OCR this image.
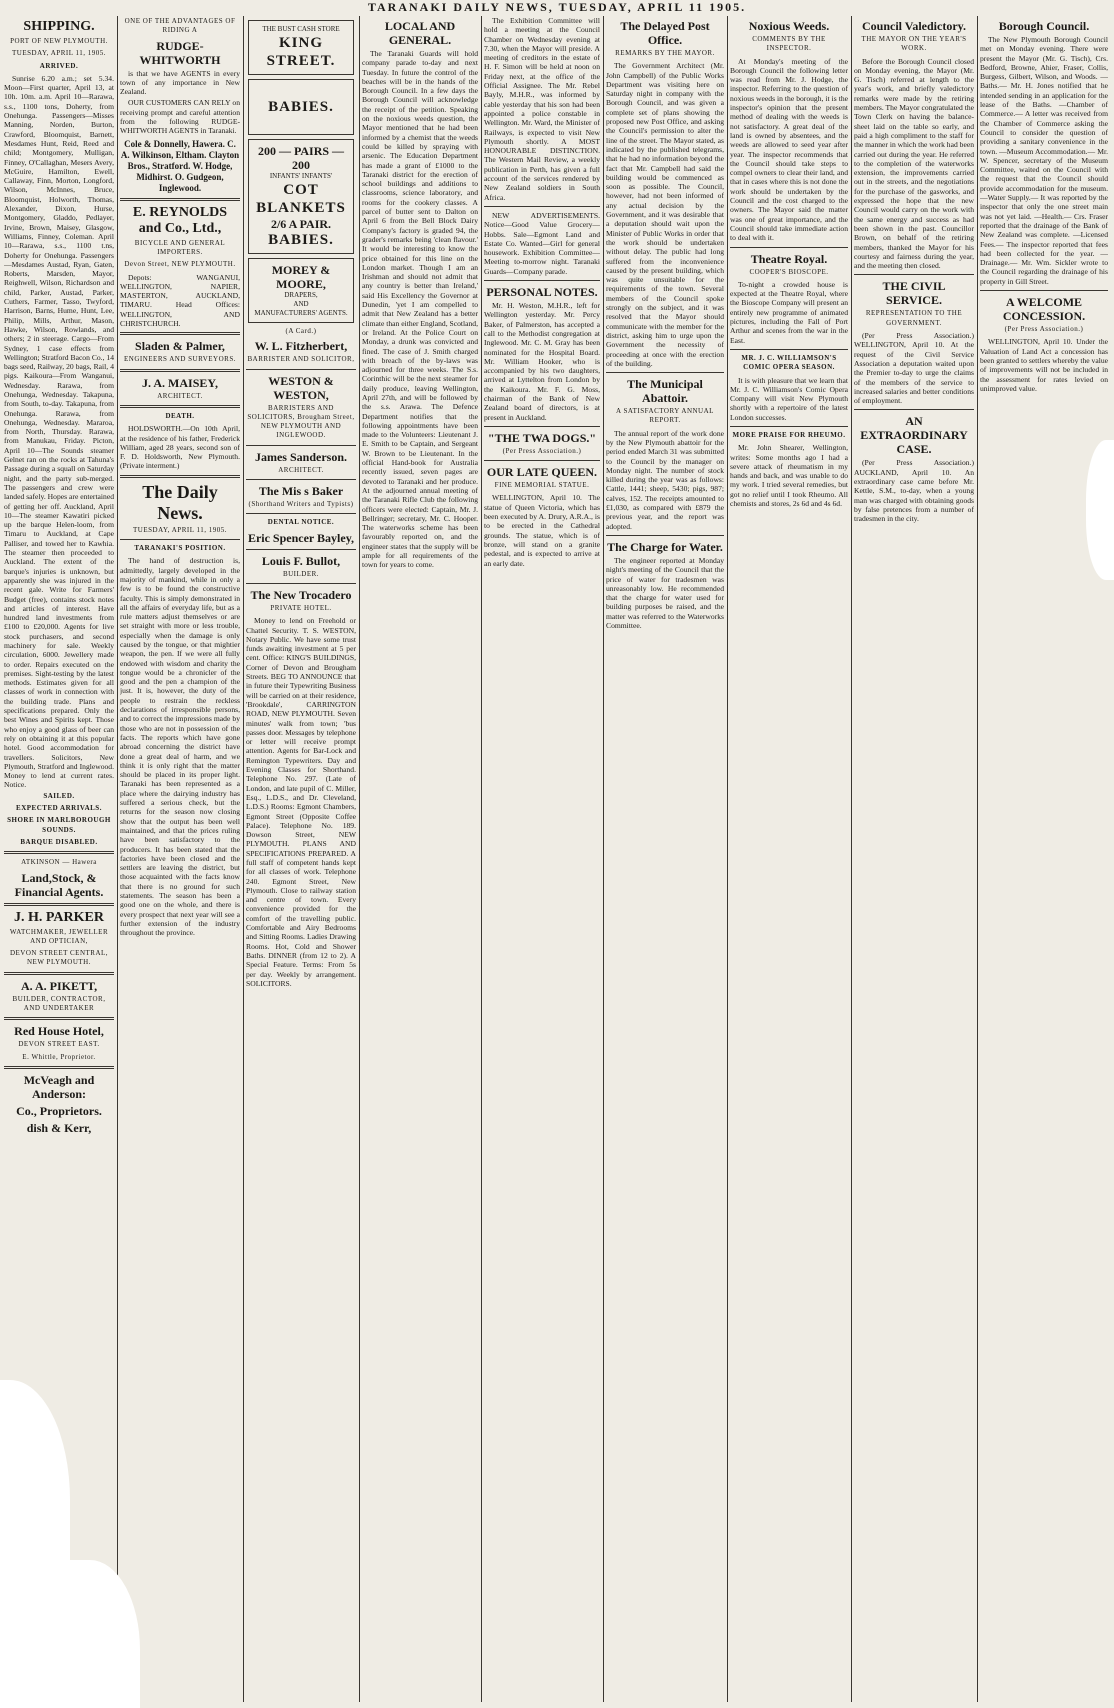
TARANAKI DAILY NEWS, TUESDAY, APRIL 11 1905.
SHIPPING.
PORT OF NEW PLYMOUTH.
TUESDAY, APRIL 11, 1905.
ARRIVED.
Sunrise 6.20 a.m.; set 5.34. Moon—First quarter, April 13, at 10h. 10m. a.m. April 10—Rarawa, s.s., 1100 tons, Doherty, from Onehunga. Passengers—Misses Manning, Norden, Burton, Crawford, Bloomquist, Barnett, Mesdames Hunt, Reid, Reed and child; Montgomery, Mulligan, Finney, O'Callaghan, Mesers Avery, McGuire, Hamilton, Ewell, Callaway, Finn, Morton, Longford, Wilson, McInnes, Bruce, Bloomquist, Holworth, Thomas, Alexander, Dixon, Hurse, Montgomery, Gladdo, Pedlayer, Irvine, Brown, Maisey, Glasgow, Williams, Finney, Coleman. April 10—Rarawa, s.s., 1100 t.ns, Doherty for Onehunga. Passengers—Mesdames Austad, Ryan, Gaten, Roberts, Marsden, Mayor, Reighwell, Wilson, Richardson and child, Parker, Austad, Parker, Cuthers, Farmer, Tasso, Twyford, Harrison, Barns, Hume, Hunt, Lee, Philip, Mills, Arthur, Mason, Hawke, Wilson, Rowlands, and others; 2 in steerage. Cargo—From Sydney, 1 case effects from Wellington; Stratford Bacon Co., 14 bags seed, Railway, 20 bags, Rail, 4 pigs. Kaikoura—From Wanganui, Wednesday. Rarawa, from Onehunga, Wednesday. Takapuna, from South, to-day. Takapuna, from Onehunga. Rarawa, from Onehunga, Wednesday. Mararoa, from North, Thursday. Rarawa, from Manukau, Friday. Picton, April 10—The Sounds steamer Gelnet ran on the rocks at Tahuna's Passage during a squall on Saturday night, and the party sub-merged. The passengers and crew were landed safely. Hopes are entertained of getting her off. Auckland, April 10—The steamer Kawatiri picked up the barque Helen-loom, from Timaru to Auckland, at Cape Palliser, and towed her to Kawhia. The steamer then proceeded to Auckland. The extent of the barque's injuries is unknown, but apparently she was injured in the recent gale. Write for Farmers' Budget (free), contains stock notes and articles of interest. Have hundred land investments from £100 to £20,000. Agents for live stock purchasers, and second machinery for sale. Weekly circulation, 6000. Jewellery made to order. Repairs executed on the premises. Sight-testing by the latest methods. Estimates given for all classes of work in connection with the building trade. Plans and specifications prepared. Only the best Wines and Spirits kept. Those who enjoy a good glass of beer can rely on obtaining it at this popular hotel. Good accommodation for travellers. Solicitors, New Plymouth, Stratford and Inglewood. Money to lend at current rates. Notice.
SAILED.
EXPECTED ARRIVALS.
SHORE IN MARLBOROUGH SOUNDS.
BARQUE DISABLED.
ATKINSON — Hawera
Land,Stock, & Financial Agents.
J. H. PARKER
WATCHMAKER, JEWELLER AND OPTICIAN,
DEVON STREET CENTRAL, NEW PLYMOUTH.
A. A. PIKETT,
BUILDER, CONTRACTOR, AND UNDERTAKER
Red House Hotel,
DEVON STREET EAST.
E. Whittle, Proprietor.
McVeagh and Anderson:
Co., Proprietors.
dish & Kerr,
ONE OF THE ADVANTAGES OF RIDING A
RUDGE-WHITWORTH
is that we have AGENTS in every town of any importance in New Zealand.
OUR CUSTOMERS CAN RELY on receiving prompt and careful attention from the following RUDGE-WHITWORTH AGENTS in Taranaki.
Cole & Donnelly, Hawera. C. A. Wilkinson, Eltham. Clayton Bros., Stratford. W. Hodge, Midhirst. O. Gudgeon, Inglewood.
E. REYNOLDS and Co., Ltd.,
BICYCLE AND GENERAL IMPORTERS.
Devon Street, NEW PLYMOUTH.
Depots: WANGANUI, WELLINGTON, NAPIER, MASTERTON, AUCKLAND, TIMARU. Head Offices: WELLINGTON, AND CHRISTCHURCH.
Sladen & Palmer,
ENGINEERS AND SURVEYORS.
J. A. MAISEY,
ARCHITECT.
DEATH.
HOLDSWORTH.—On 10th April, at the residence of his father, Frederick William, aged 28 years, second son of F. D. Holdsworth, New Plymouth. (Private interment.)
The Daily News.
TUESDAY, APRIL 11, 1905.
TARANAKI'S POSITION.
The hand of destruction is, admittedly, largely developed in the majority of mankind, while in only a few is to be found the constructive faculty. This is simply demonstrated in all the affairs of everyday life, but as a rule matters adjust themselves or are set straight with more or less trouble, especially when the damage is only caused by the tongue, or that mightier weapon, the pen. If we were all fully endowed with wisdom and charity the tongue would be a chronicler of the good and the pen a champion of the just. It is, however, the duty of the people to restrain the reckless declarations of irresponsible persons, and to correct the impressions made by those who are not in possession of the facts. The reports which have gone abroad concerning the district have done a great deal of harm, and we think it is only right that the matter should be placed in its proper light. Taranaki has been represented as a place where the dairying industry has suffered a serious check, but the returns for the season now closing show that the output has been well maintained, and that the prices ruling have been satisfactory to the producers. It has been stated that the factories have been closed and the settlers are leaving the district, but those acquainted with the facts know that there is no ground for such statements. The season has been a good one on the whole, and there is every prospect that next year will see a further extension of the industry throughout the province.
THE BUST CASH STORE
KING STREET.
BABIES.
200 — PAIRS — 200
INFANTS' INFANTS'
COT BLANKETS
2/6 A PAIR.
BABIES.
MOREY & MOORE,
DRAPERS,
AND
MANUFACTURERS' AGENTS.
(A Card.)
W. L. Fitzherbert,
BARRISTER AND SOLICITOR,
WESTON & WESTON,
BARRISTERS AND SOLICITORS, Brougham Street, NEW PLYMOUTH AND INGLEWOOD.
James Sanderson.
ARCHITECT.
The Mis s Baker
(Shorthand Writers and Typists)
DENTAL NOTICE.
Eric Spencer Bayley,
Louis F. Bullot,
BUILDER.
The New Trocadero
PRIVATE HOTEL.
Money to lend on Freehold or Chattel Security. T. S. WESTON, Notary Public. We have some trust funds awaiting investment at 5 per cent. Office: KING'S BUILDINGS, Corner of Devon and Brougham Streets. BEG TO ANNOUNCE that in future their Typewriting Business will be carried on at their residence, 'Brookdale', CARRINGTON ROAD, NEW PLYMOUTH. Seven minutes' walk from town; 'bus passes door. Messages by telephone or letter will receive prompt attention. Agents for Bar-Lock and Remington Typewriters. Day and Evening Classes for Shorthand. Telephone No. 297. (Late of London, and late pupil of C. Miller, Esq., L.D.S., and Dr. Cleveland, L.D.S.) Rooms: Egmont Chambers, Egmont Street (Opposite Coffee Palace). Telephone No. 189. Dowson Street, NEW PLYMOUTH. PLANS AND SPECIFICATIONS PREPARED. A full staff of competent hands kept for all classes of work. Telephone 240. Egmont Street, New Plymouth. Close to railway station and centre of town. Every convenience provided for the comfort of the travelling public. Comfortable and Airy Bedrooms and Sitting Rooms. Ladies Drawing Rooms. Hot, Cold and Shower Baths. DINNER (from 12 to 2). A Special Feature. Terms: From 5s per day. Weekly by arrangement. SOLICITORS.
LOCAL AND GENERAL.
The Taranaki Guards will hold company parade to-day and next Tuesday. In future the control of the beaches will be in the hands of the Borough Council. In a few days the Borough Council will acknowledge the receipt of the petition. Speaking on the noxious weeds question, the Mayor mentioned that he had been informed by a chemist that the weeds could be killed by spraying with arsenic. The Education Department has made a grant of £1000 to the Taranaki district for the erection of school buildings and additions to classrooms, science laboratory, and rooms for the cookery classes. A parcel of butter sent to Dalton on April 6 from the Bell Block Dairy Company's factory is graded 94, the grader's remarks being 'clean flavour.' It would be interesting to know the price obtained for this line on the London market. Though I am an Irishman and should not admit that any country is better than Ireland,' said His Excellency the Governor at Dunedin, 'yet I am compelled to admit that New Zealand has a better climate than either England, Scotland, or Ireland. At the Police Court on Monday, a drunk was convicted and fined. The case of J. Smith charged with breach of the by-laws was adjourned for three weeks. The S.s. Corinthic will be the next steamer for daily produce, leaving Wellington, April 27th, and will be followed by the s.s. Arawa. The Defence Department notifies that the following appointments have been made to the Volunteers: Lieutenant J. E. Smith to be Captain, and Sergeant W. Brown to be Lieutenant. In the official Hand-book for Australia recently issued, seven pages are devoted to Taranaki and her produce. At the adjourned annual meeting of the Taranaki Rifle Club the following officers were elected: Captain, Mr. J. Bellringer; secretary, Mr. C. Hooper. The waterworks scheme has been favourably reported on, and the engineer states that the supply will be ample for all requirements of the town for years to come.
The Exhibition Committee will hold a meeting at the Council Chamber on Wednesday evening at 7.30, when the Mayor will preside. A meeting of creditors in the estate of H. F. Simon will be held at noon on Friday next, at the office of the Official Assignee. The Mr. Rebel Bayly, M.H.R., was informed by cable yesterday that his son had been appointed a police constable in Wellington. Mr. Ward, the Minister of Railways, is expected to visit New Plymouth shortly. A MOST HONOURABLE DISTINCTION. The Western Mail Review, a weekly publication in Perth, has given a full account of the services rendered by New Zealand soldiers in South Africa.
NEW ADVERTISEMENTS. Notice—Good Value Grocery—Hobbs. Sale—Egmont Land and Estate Co. Wanted—Girl for general housework. Exhibition Committee—Meeting to-morrow night. Taranaki Guards—Company parade.
PERSONAL NOTES.
Mr. H. Weston, M.H.R., left for Wellington yesterday. Mr. Percy Baker, of Palmerston, has accepted a call to the Methodist congregation at Inglewood. Mr. C. M. Gray has been nominated for the Hospital Board. Mr. William Hooker, who is accompanied by his two daughters, arrived at Lyttelton from London by the Kaikoura. Mr. F. G. Moss, chairman of the Bank of New Zealand board of directors, is at present in Auckland.
"THE TWA DOGS."
(Per Press Association.)
OUR LATE QUEEN.
FINE MEMORIAL STATUE.
WELLINGTON, April 10. The statue of Queen Victoria, which has been executed by A. Drury, A.R.A., is to be erected in the Cathedral grounds. The statue, which is of bronze, will stand on a granite pedestal, and is expected to arrive at an early date.
The Delayed Post Office.
REMARKS BY THE MAYOR.
The Government Architect (Mr. John Campbell) of the Public Works Department was visiting here on Saturday night in company with the Borough Council, and was given a complete set of plans showing the proposed new Post Office, and asking the Council's permission to alter the line of the street. The Mayor stated, as indicated by the published telegrams, that he had no information beyond the fact that Mr. Campbell had said the building would be commenced as soon as possible. The Council, however, had not been informed of any actual decision by the Government, and it was desirable that a deputation should wait upon the Minister of Public Works in order that the work should be undertaken without delay. The public had long suffered from the inconvenience caused by the present building, which was quite unsuitable for the requirements of the town. Several members of the Council spoke strongly on the subject, and it was resolved that the Mayor should communicate with the member for the district, asking him to urge upon the Government the necessity of proceeding at once with the erection of the building.
The Municipal Abattoir.
A SATISFACTORY ANNUAL REPORT.
The annual report of the work done by the New Plymouth abattoir for the period ended March 31 was submitted to the Council by the manager on Monday night. The number of stock killed during the year was as follows: Cattle, 1441; sheep, 5430; pigs, 987; calves, 152. The receipts amounted to £1,030, as compared with £879 the previous year, and the report was adopted.
The Charge for Water.
The engineer reported at Monday night's meeting of the Council that the price of water for tradesmen was unreasonably low. He recommended that the charge for water used for building purposes be raised, and the matter was referred to the Waterworks Committee.
Noxious Weeds.
COMMENTS BY THE INSPECTOR.
At Monday's meeting of the Borough Council the following letter was read from Mr. J. Hodge, the inspector. Referring to the question of noxious weeds in the borough, it is the inspector's opinion that the present method of dealing with the weeds is not satisfactory. A great deal of the land is owned by absentees, and the weeds are allowed to seed year after year. The inspector recommends that the Council should take steps to compel owners to clear their land, and that in cases where this is not done the work should be undertaken by the Council and the cost charged to the owners. The Mayor said the matter was one of great importance, and the Council should take immediate action to deal with it.
Theatre Royal.
COOPER'S BIOSCOPE.
To-night a crowded house is expected at the Theatre Royal, where the Bioscope Company will present an entirely new programme of animated pictures, including the Fall of Port Arthur and scenes from the war in the East.
MR. J. C. WILLIAMSON'S COMIC OPERA SEASON.
It is with pleasure that we learn that Mr. J. C. Williamson's Comic Opera Company will visit New Plymouth shortly with a repertoire of the latest London successes.
MORE PRAISE FOR RHEUMO.
Mr. John Shearer, Wellington, writes: Some months ago I had a severe attack of rheumatism in my hands and back, and was unable to do my work. I tried several remedies, but got no relief until I took Rheumo. All chemists and stores, 2s 6d and 4s 6d.
Council Valedictory.
THE MAYOR ON THE YEAR'S WORK.
Before the Borough Council closed on Monday evening, the Mayor (Mr. G. Tisch) referred at length to the year's work, and briefly valedictory remarks were made by the retiring members. The Mayor congratulated the Town Clerk on having the balance-sheet laid on the table so early, and paid a high compliment to the staff for the manner in which the work had been carried out during the year. He referred to the completion of the waterworks extension, the improvements carried out in the streets, and the negotiations for the purchase of the gasworks, and expressed the hope that the new Council would carry on the work with the same energy and success as had been shown in the past. Councillor Brown, on behalf of the retiring members, thanked the Mayor for his courtesy and fairness during the year, and the meeting then closed.
THE CIVIL SERVICE.
REPRESENTATION TO THE GOVERNMENT.
(Per Press Association.) WELLINGTON, April 10. At the request of the Civil Service Association a deputation waited upon the Premier to-day to urge the claims of the members of the service to increased salaries and better conditions of employment.
AN EXTRAORDINARY CASE.
(Per Press Association.) AUCKLAND, April 10. An extraordinary case came before Mr. Kettle, S.M., to-day, when a young man was charged with obtaining goods by false pretences from a number of tradesmen in the city.
Borough Council.
The New Plymouth Borough Council met on Monday evening. There were present the Mayor (Mr. G. Tisch), Crs. Bedford, Browne, Ahier, Fraser, Collis, Burgess, Gilbert, Wilson, and Woods. —Baths.— Mr. H. Jones notified that he intended sending in an application for the lease of the Baths. —Chamber of Commerce.— A letter was received from the Chamber of Commerce asking the Council to consider the question of providing a sanitary convenience in the town. —Museum Accommodation.— Mr. W. Spencer, secretary of the Museum Committee, waited on the Council with the request that the Council should provide accommodation for the museum. —Water Supply.— It was reported by the inspector that only the one street main was not yet laid. —Health.— Crs. Fraser reported that the drainage of the Bank of New Zealand was complete. —Licensed Fees.— The inspector reported that fees had been collected for the year. —Drainage.— Mr. Wm. Sickler wrote to the Council regarding the drainage of his property in Gill Street.
A WELCOME CONCESSION.
(Per Press Association.)
WELLINGTON, April 10. Under the Valuation of Land Act a concession has been granted to settlers whereby the value of improvements will not be included in the assessment for rates levied on unimproved value.
